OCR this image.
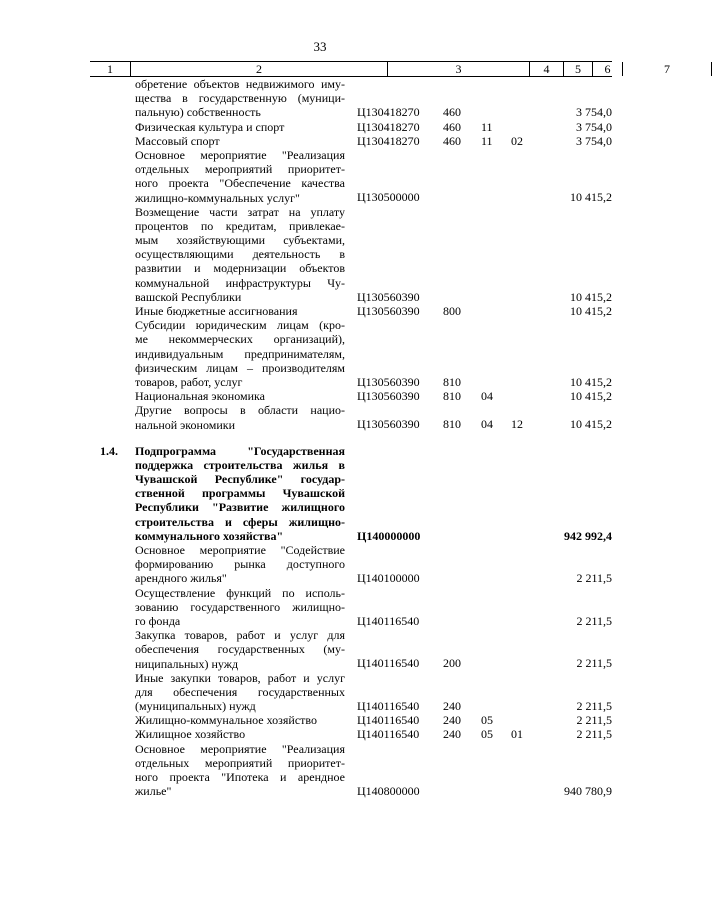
33
1	2	3	4	5	6	7
обретение объектов недвижимого иму-
щества в государственную (муници-
пальную) собственность	Ц130418270 460	3 754,0
Физическая культура и спорт	Ц130418270 460 11	3 754,0
Массовый спорт	Ц130418270 460 11 02	3 754,0
Основное мероприятие "Реализация
отдельных мероприятий приоритет-
ного проекта "Обеспечение качества
жилищно-коммунальных услуг"	Ц130500000	10 415,2
Возмещение части затрат на уплату
процентов по кредитам, привлекае-
мым хозяйствующими субъектами,
осуществляющими деятельность в
развитии и модернизации объектов
коммунальной инфраструктуры Чу-
вашской Республики	Ц130560390	10 415,2
Иные бюджетные ассигнования	Ц130560390 800	10 415,2
Субсидии юридическим лицам (кро-
ме некоммерческих организаций),
индивидуальным предпринимателям,
физическим лицам – производителям
товаров, работ, услуг	Ц130560390 810	10 415,2
Национальная экономика	Ц130560390 810 04	10 415,2
Другие вопросы в области нацио-
нальной экономики	Ц130560390 810 04 12	10 415,2
1.4.	Подпрограмма "Государственная
поддержка строительства жилья в
Чувашской Республике" государ-
ственной программы Чувашской
Республики "Развитие жилищного
строительства и сферы жилищно-
коммунального хозяйства"	Ц140000000	942 992,4
Основное мероприятие "Содействие
формированию рынка доступного
арендного жилья"	Ц140100000	2 211,5
Осуществление функций по исполь-
зованию государственного жилищно-
го фонда	Ц140116540	2 211,5
Закупка товаров, работ и услуг для
обеспечения государственных (му-
ниципальных) нужд	Ц140116540 200	2 211,5
Иные закупки товаров, работ и услуг
для обеспечения государственных
(муниципальных) нужд	Ц140116540 240	2 211,5
Жилищно-коммунальное хозяйство	Ц140116540 240 05	2 211,5
Жилищное хозяйство	Ц140116540 240 05 01	2 211,5
Основное мероприятие "Реализация
отдельных мероприятий приоритет-
ного проекта "Ипотека и арендное
жилье"	Ц140800000	940 780,9
